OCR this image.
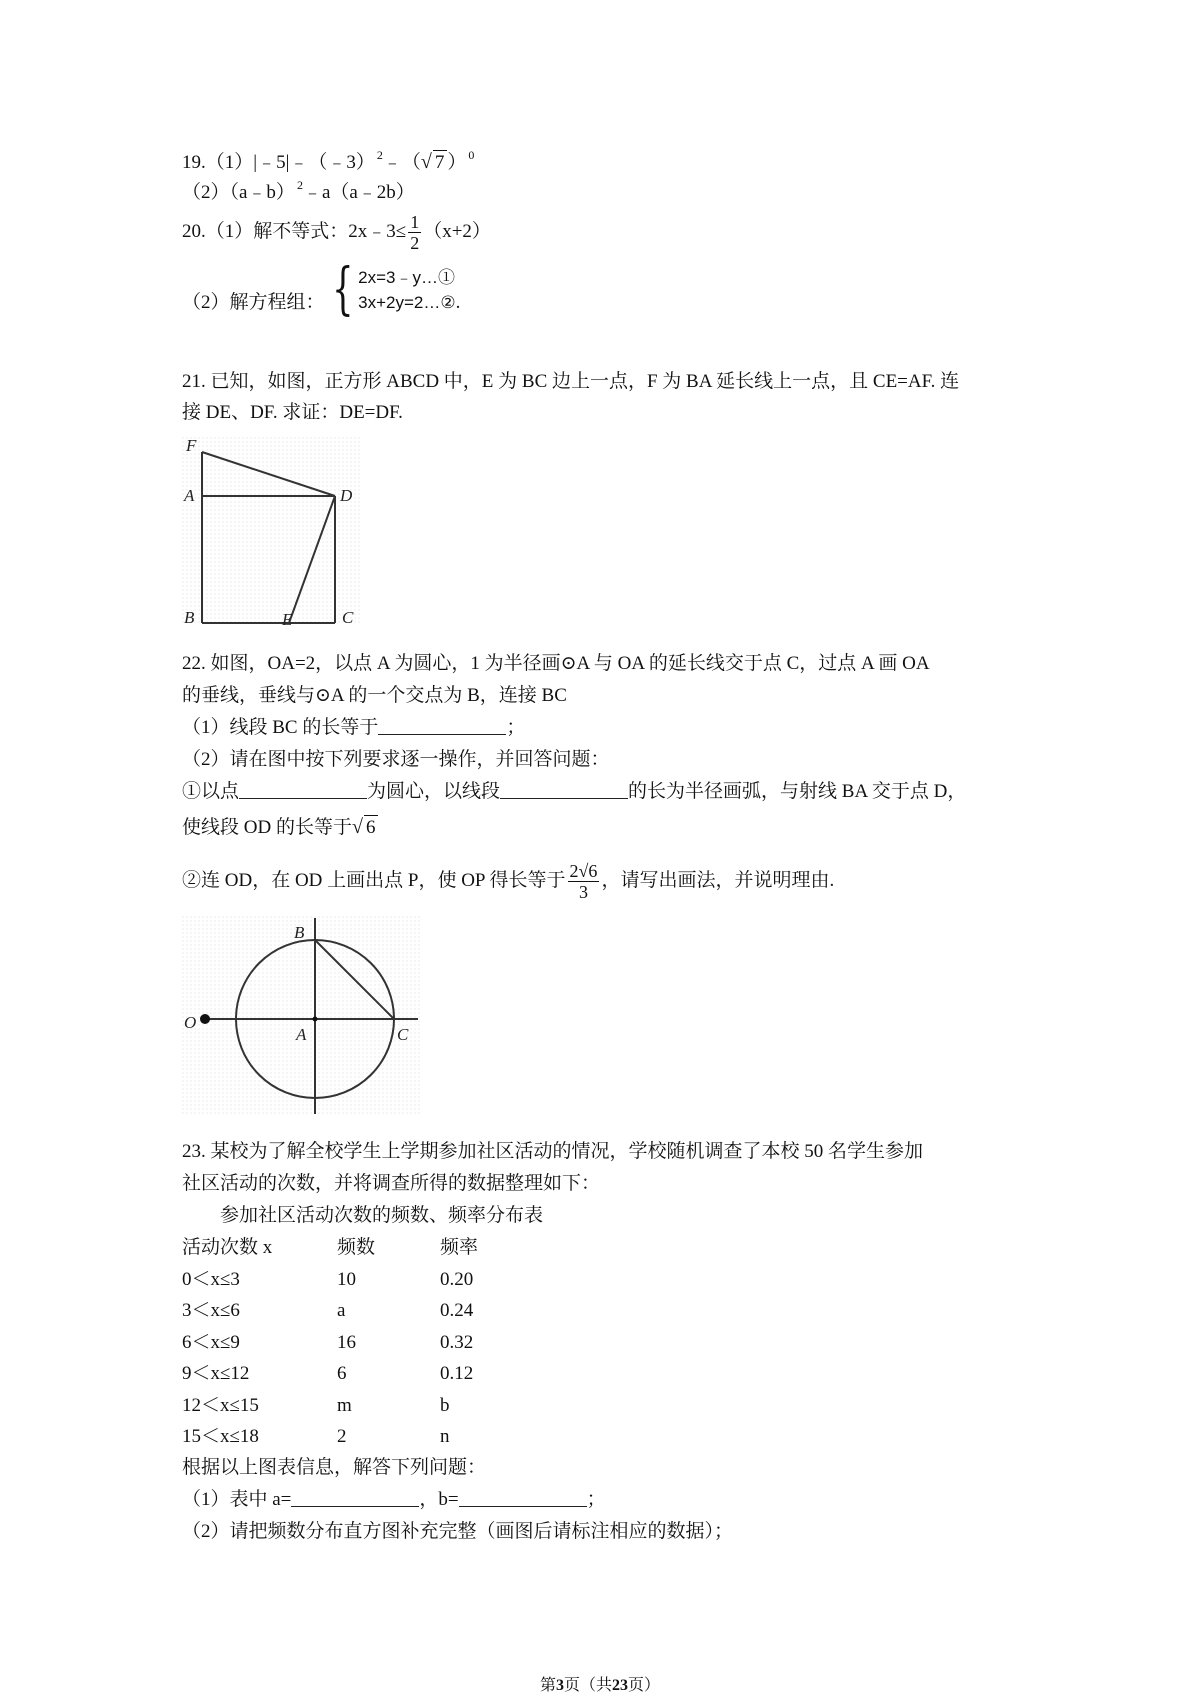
19.（1）|﹣5|﹣（﹣3） $^2$﹣（√ 7 ） $^0$
（2）（a﹣b） $^2$﹣a（a﹣2b）
20.（1）解不等式：2x﹣3≤ $\frac{1}{2} (x+2)$
（2）解方程组： { 2x=3﹣y…①
3x+2y=2…② .
21. 已知，如图，正方形 ABCD 中，E 为 BC 边上一点，F 为 BA 延长线上一点，且 CE=AF. 连
接 DE、DF. 求证：DE=DF.
F
A	D
B	E	C
22. 如图，OA=2，以点 A 为圆心，1 为半径画⊙A 与 OA 的延长线交于点 C，过点 A 画 OA
的垂线，垂线与⊙A 的一个交点为 B，连接 BC
（1）线段 BC 的长等于	；
（2）请在图中按下列要求逐一操作，并回答问题：
①以点	为圆心，以线段	的长为半径画弧，与射线 BA 交于点 D，
使线段 OD 的长等于√ 6
②连 OD，在 OD 上画出点 P，使 OP 得长等于 $\frac{2√6}{3}$ ，请写出画法，并说明理由.
B
O
A	C
23. 某校为了解全校学生上学期参加社区活动的情况，学校随机调查了本校 50 名学生参加
社区活动的次数，并将调查所得的数据整理如下：
参加社区活动次数的频数、频率分布表
活动次数 x	频数	频率
0＜x≤3	10	0.20
3＜x≤6	a	0.24
6＜x≤9	16	0.32
9＜x≤12	6	0.12
12＜x≤15	m	b
15＜x≤18	2	n
根据以上图表信息，解答下列问题：
（1）表中 a=	，b=	；
（2）请把频数分布直方图补充完整（画图后请标注相应的数据）；
第3页（共23页）
